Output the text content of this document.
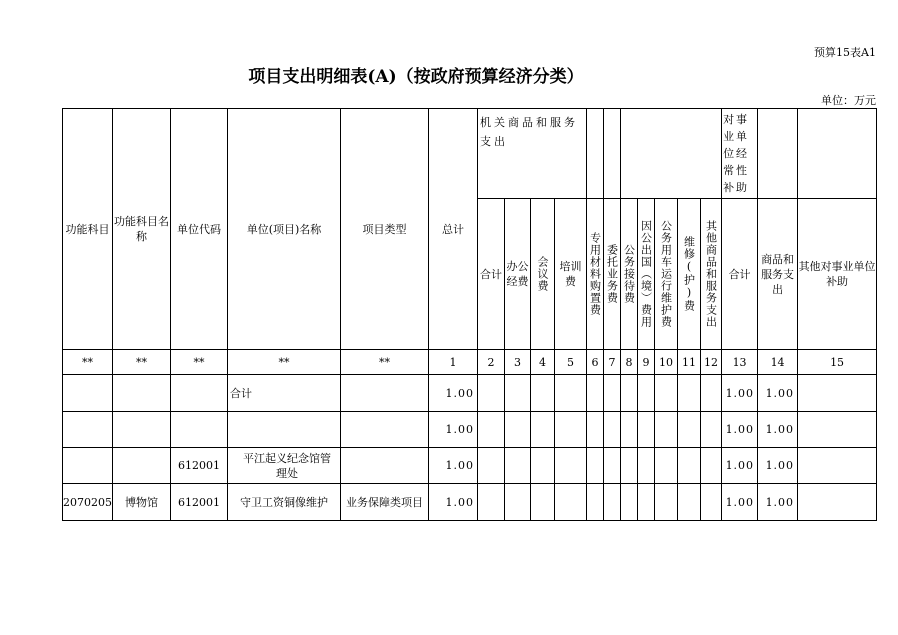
预算15表A1
项目支出明细表(A)（按政府预算经济分类）
单位：万元
功能科目	功能科目名称	单位代码	单位(项目)名称	项目类型	总计	机关商品和服务支出											对事业单位经常性补助		
						合计	办公经费	会议费	培训费	专用材料购置费	委托业务费	公务接待费	因公出国（境）费用	公务用车运行维护费	维修(护)费	其他商品和服务支出	合计	商品和服务支出	其他对事业单位补助
**	**	**	**	**	1	2	3	4	5	6	7	8	9	10	11	12	13	14	15
			合计		1.00												1.00	1.00	
					1.00												1.00	1.00	
		612001	平江起义纪念馆管理处		1.00												1.00	1.00	
2070205	博物馆	612001	守卫工资铜像维护	业务保障类项目	1.00												1.00	1.00	
